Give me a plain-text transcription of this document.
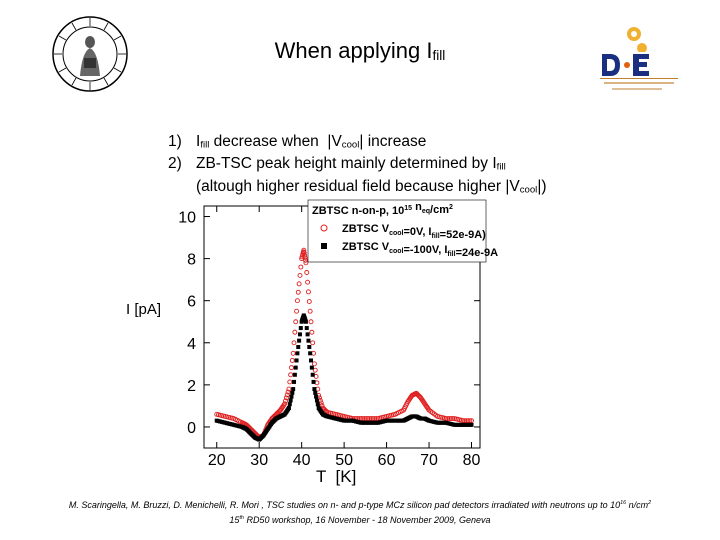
When applying $I_{fill}$
1) $I_{fill}$ decrease when  $|V_{cool}|$ increase
2) ZB-TSC peak height mainly determined by $I_{fill}$
(altough higher residual field because higher $|V_{cool}|$)
I [pA]
T  [K]
0
2
4
6
8
10
20 30 40 50 60 70 80
ZBTSC n-on-p, $10^{15}$ $n_{eq}/cm^2$
ZBTSC $V_{cool}=0V$, $I_{fill}=52e-9A$)
ZBTSC $V_{cool}=-100V$, $I_{fill}=24e-9A$
M. Scaringella, M. Bruzzi, D. Menichelli, R. Mori , TSC studies on n- and p-type MCz silicon pad detectors irradiated with neutrons up to $10^{16}$ $n/cm^2$
15th RD50 workshop, 16 November - 18 November 2009, Geneva
